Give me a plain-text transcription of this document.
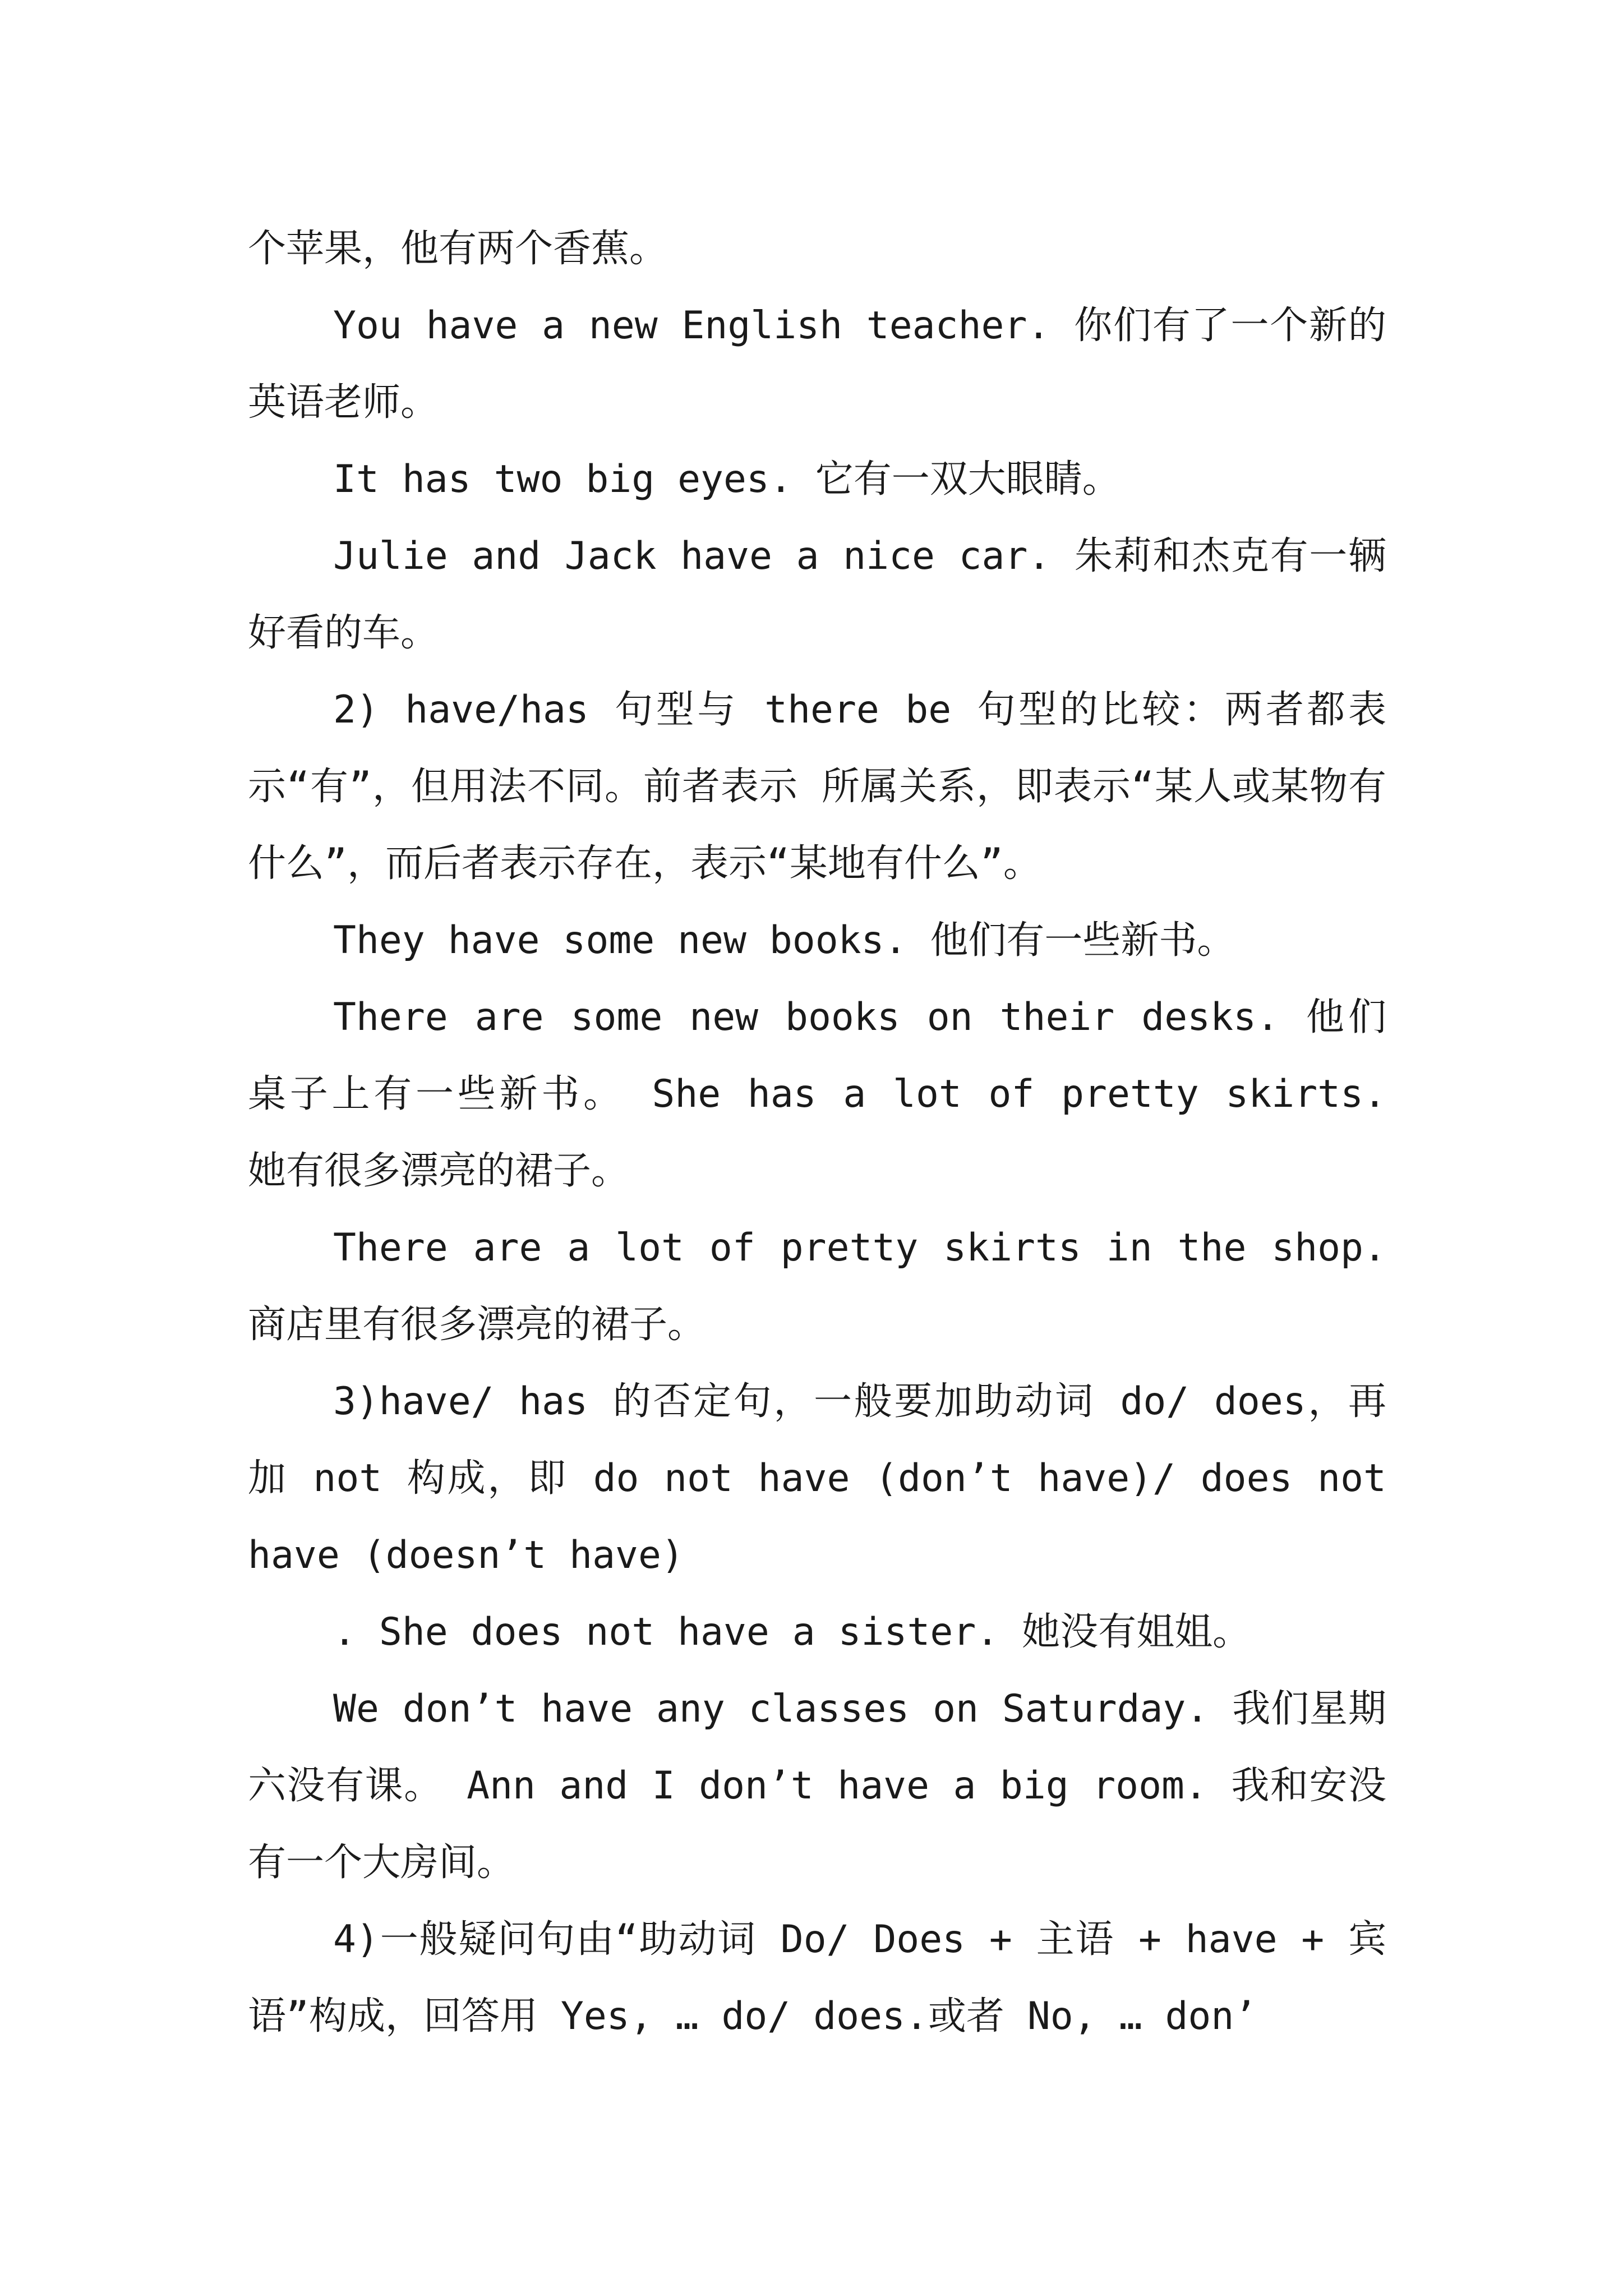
个苹果，他有两个香蕉。

You have a new English teacher. 你们有了一个新的英语老师。

It has two big eyes. 它有一双大眼睛。

Julie and Jack have a nice car. 朱莉和杰克有一辆好看的车。

2) have/has 句型与 there be 句型的比较：两者都表示“有”，但用法不同。前者表示 所属关系，即表示“某人或某物有什么”，而后者表示存在，表示“某地有什么”。

They have some new books. 他们有一些新书。

There are some new books on their desks. 他们桌子上有一些新书。 She has a lot of pretty skirts. 她有很多漂亮的裙子。

There are a lot of pretty skirts in the shop. 商店里有很多漂亮的裙子。

3)have/ has 的否定句，一般要加助动词 do/ does，再加 not 构成，即 do not have (don’t have)/ does not have (doesn’t have)

. She does not have a sister. 她没有姐姐。

We don’t have any classes on Saturday. 我们星期六没有课。 Ann and I don’t have a big room. 我和安没有一个大房间。

4)一般疑问句由“助动词 Do/ Does + 主语 + have + 宾语”构成，回答用 Yes, … do/ does.或者 No, … don’
